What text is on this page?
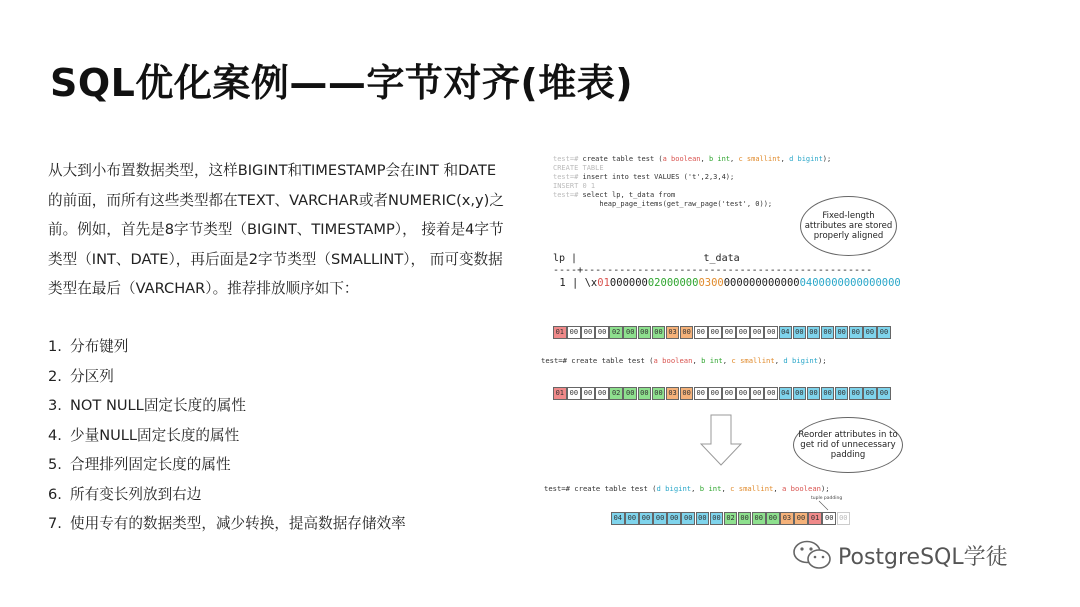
SQL优化案例——字节对齐(堆表)

从大到小布置数据类型，这样BIGINT和TIMESTAMP会在INT 和DATE的前面，而所有这些类型都在TEXT、VARCHAR或者NUMERIC(x,y)之前。例如，首先是8字节类型（BIGINT、TIMESTAMP）， 接着是4字节类型（INT、DATE），再后面是2字节类型（SMALLINT）， 而可变数据类型在最后（VARCHAR）。推荐排放顺序如下：

1. 分布键列
2. 分区列
3. NOT NULL固定长度的属性
4. 少量NULL固定长度的属性
5. 合理排列固定长度的属性
6. 所有变长列放到右边
7. 使用专有的数据类型，减少转换，提高数据存储效率
test=# create table test (a boolean, b int, c smallint, d bigint);
CREATE TABLE
test=# insert into test VALUES ('t',2,3,4);
INSERT 0 1
test=# select lp, t_data from
heap_page_items(get_raw_page('test', 0));
Fixed-length attributes are stored properly aligned
lp |                     t_data
----+------------------------------------------------
1 | \x010000000200000003000000000000000400000000000000
01 00 00 00 02 00 00 00 03 00 00 00 00 00 00 00 04 00 00 00 00 00 00 00
test=# create table test (a boolean, b int, c smallint, d bigint);
01 00 00 00 02 00 00 00 03 00 00 00 00 00 00 00 04 00 00 00 00 00 00 00
Reorder attributes in to get rid of unnecessary padding
test=# create table test (d bigint, b int, c smallint, a boolean);
tuple padding
04 00 00 00 00 00 00 00 02 00 00 00 03 00 01 00 00
PostgreSQL学徒
